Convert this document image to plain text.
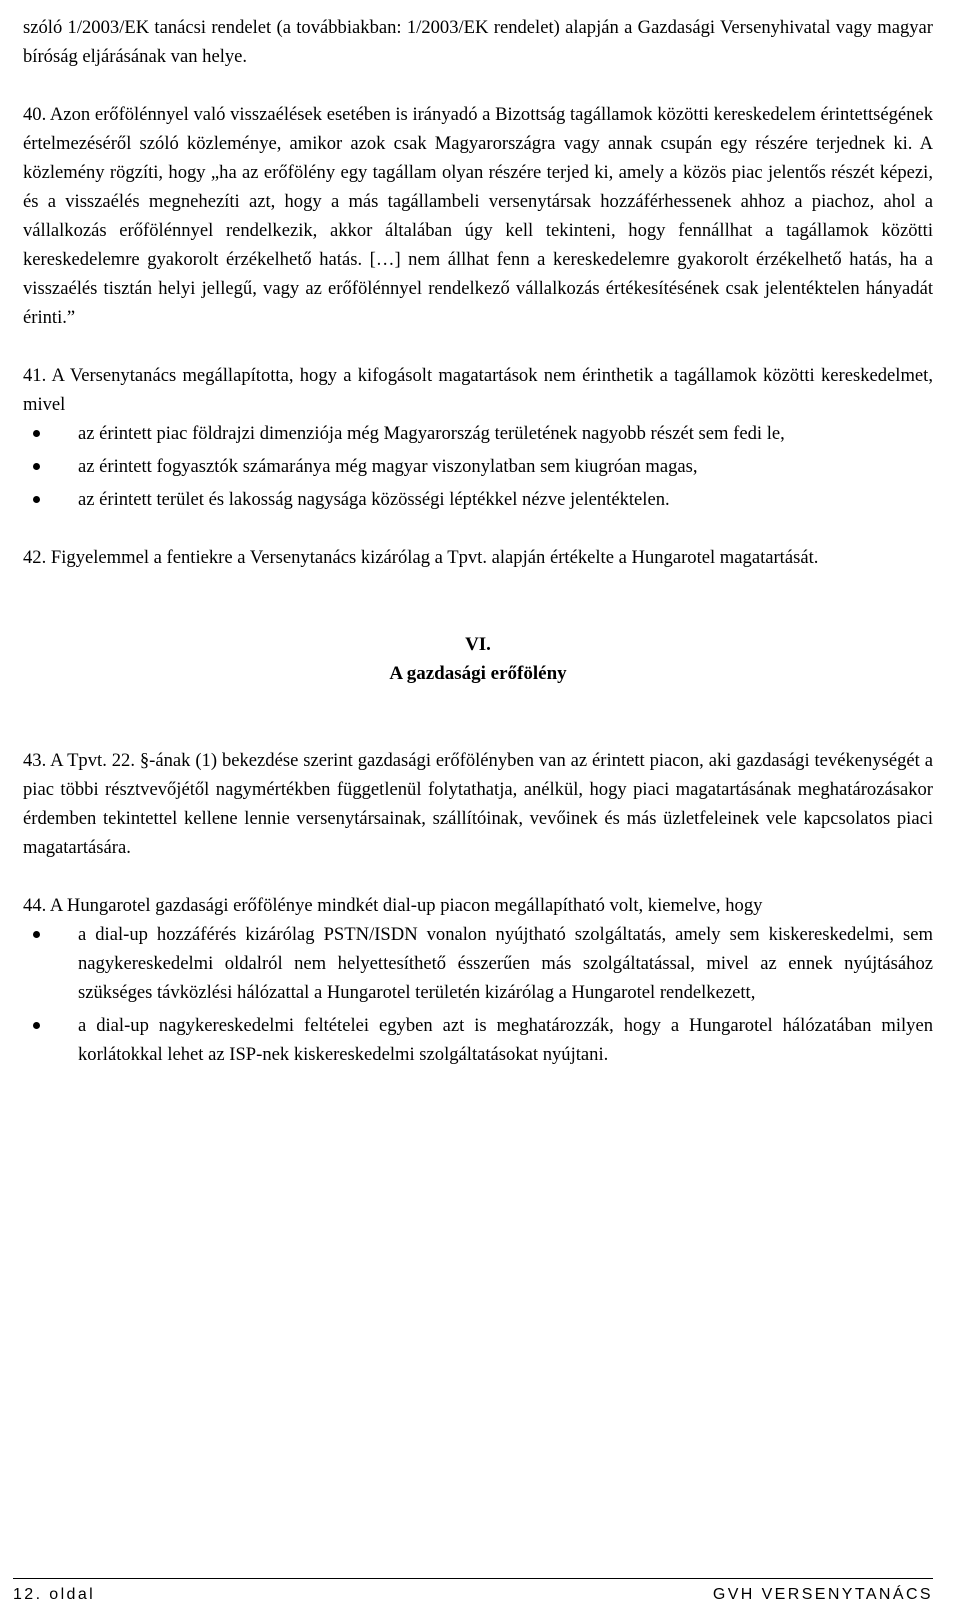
szóló 1/2003/EK tanácsi rendelet (a továbbiakban: 1/2003/EK rendelet) alapján a Gazdasági Versenyhivatal vagy magyar bíróság eljárásának van helye.

40. Azon erőfölénnyel való visszaélések esetében is irányadó a Bizottság tagállamok közötti kereskedelem érintettségének értelmezéséről szóló közleménye, amikor azok csak Magyarországra vagy annak csupán egy részére terjednek ki. A közlemény rögzíti, hogy „ha az erőfölény egy tagállam olyan részére terjed ki, amely a közös piac jelentős részét képezi, és a visszaélés megnehezíti azt, hogy a más tagállambeli versenytársak hozzáférhessenek ahhoz a piachoz, ahol a vállalkozás erőfölénnyel rendelkezik, akkor általában úgy kell tekinteni, hogy fennállhat a tagállamok közötti kereskedelemre gyakorolt érzékelhető hatás. […] nem állhat fenn a kereskedelemre gyakorolt érzékelhető hatás, ha a visszaélés tisztán helyi jellegű, vagy az erőfölénnyel rendelkező vállalkozás értékesítésének csak jelentéktelen hányadát érinti.”

41. A Versenytanács megállapította, hogy a kifogásolt magatartások nem érinthetik a tagállamok közötti kereskedelmet, mivel

az érintett piac földrajzi dimenziója még Magyarország területének nagyobb részét sem fedi le,
az érintett fogyasztók számaránya még magyar viszonylatban sem kiugróan magas,
az érintett terület és lakosság nagysága közösségi léptékkel nézve jelentéktelen.

42. Figyelemmel a fentiekre a Versenytanács kizárólag a Tpvt. alapján értékelte a Hungarotel magatartását.

VI.
A gazdasági erőfölény

43. A Tpvt. 22. §-ának (1) bekezdése szerint gazdasági erőfölényben van az érintett piacon, aki gazdasági tevékenységét a piac többi résztvevőjétől nagymértékben függetlenül folytathatja, anélkül, hogy piaci magatartásának meghatározásakor érdemben tekintettel kellene lennie versenytársainak, szállítóinak, vevőinek és más üzletfeleinek vele kapcsolatos piaci magatartására.

44. A Hungarotel gazdasági erőfölénye mindkét dial-up piacon megállapítható volt, kiemelve, hogy

a dial-up hozzáférés kizárólag PSTN/ISDN vonalon nyújtható szolgáltatás, amely sem kiskereskedelmi, sem nagykereskedelmi oldalról nem helyettesíthető ésszerűen más szolgáltatással, mivel az ennek nyújtásához szükséges távközlési hálózattal a Hungarotel területén kizárólag a Hungarotel rendelkezett,
a dial-up nagykereskedelmi feltételei egyben azt is meghatározzák, hogy a Hungarotel hálózatában milyen korlátokkal lehet az ISP-nek kiskereskedelmi szolgáltatásokat nyújtani.
12. oldal	GVH VERSENYTANÁCS
